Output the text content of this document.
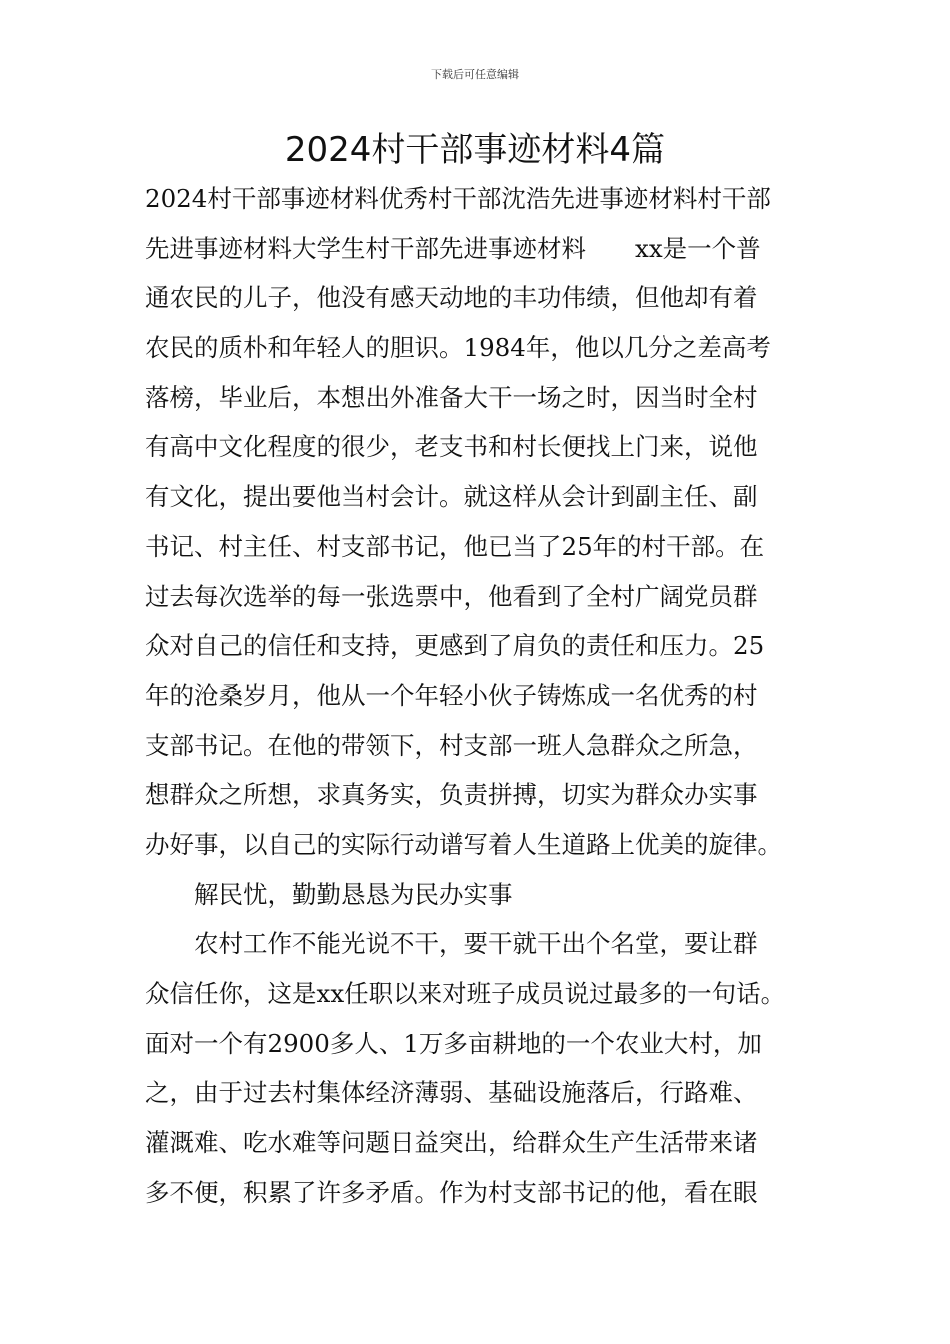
下载后可任意编辑
2024村干部事迹材料4篇
2024村干部事迹材料优秀村干部沈浩先进事迹材料村干部
先进事迹材料大学生村干部先进事迹材料　　xx是一个普
通农民的儿子，他没有感天动地的丰功伟绩，但他却有着
农民的质朴和年轻人的胆识。1984年，他以几分之差高考
落榜，毕业后，本想出外准备大干一场之时，因当时全村
有高中文化程度的很少，老支书和村长便找上门来，说他
有文化，提出要他当村会计。就这样从会计到副主任、副
书记、村主任、村支部书记，他已当了25年的村干部。在
过去每次选举的每一张选票中，他看到了全村广阔党员群
众对自己的信任和支持，更感到了肩负的责任和压力。25
年的沧桑岁月，他从一个年轻小伙子铸炼成一名优秀的村
支部书记。在他的带领下，村支部一班人急群众之所急，
想群众之所想，求真务实，负责拼搏，切实为群众办实事
办好事，以自己的实际行动谱写着人生道路上优美的旋律。
解民忧，勤勤恳恳为民办实事
农村工作不能光说不干，要干就干出个名堂，要让群
众信任你，这是xx任职以来对班子成员说过最多的一句话。
面对一个有2900多人、1万多亩耕地的一个农业大村，加
之，由于过去村集体经济薄弱、基础设施落后，行路难、
灌溉难、吃水难等问题日益突出，给群众生产生活带来诸
多不便，积累了许多矛盾。作为村支部书记的他，看在眼
